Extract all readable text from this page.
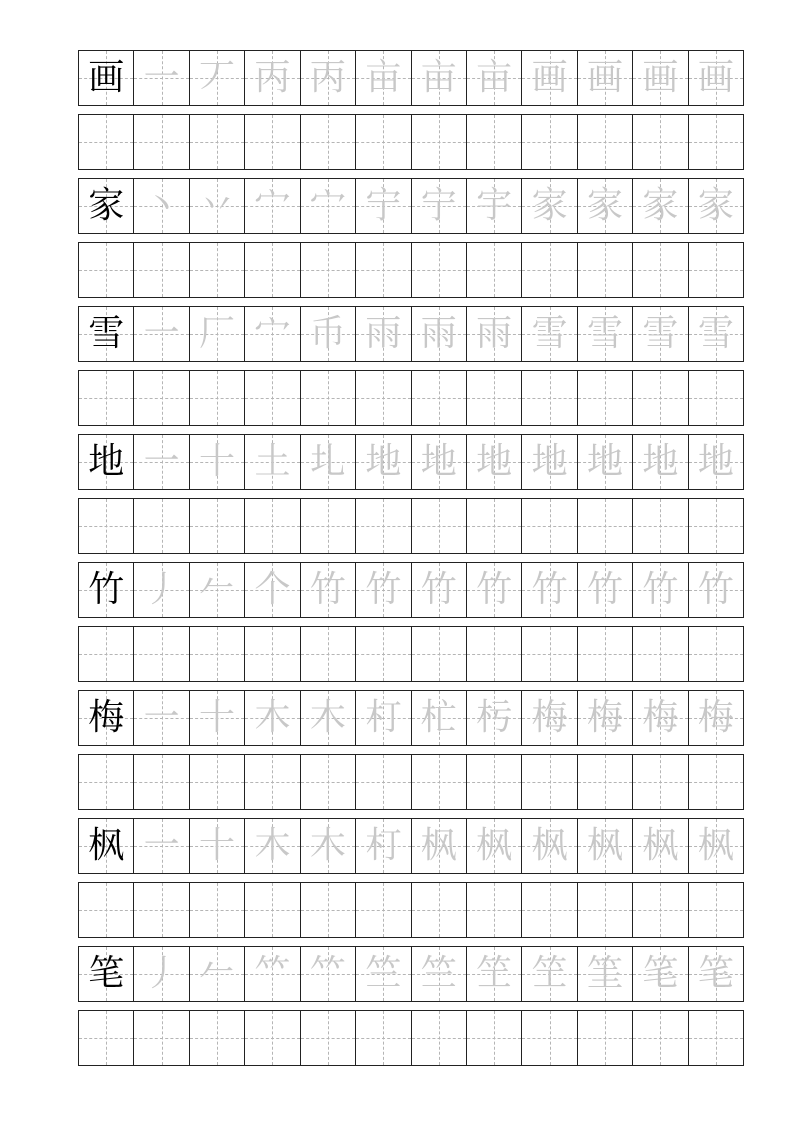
画 一 丆 丙 丙 亩 亩 亩 画 画 画 画
家 丶 丷 宀 宀 宁 宁 宇 家 家 家 家
雪 一 厂 宀 币 雨 雨 雨 雪 雪 雪 雪
地 一 十 土 圠 地 地 地 地 地 地 地
竹 丿 𠂉 个 竹 竹 竹 竹 竹 竹 竹 竹
梅 一 十 木 木 朾 杧 杇 梅 梅 梅 梅
枫 一 十 木 木 朾 枫 枫 枫 枫 枫 枫
笔 丿 𠂉 𥫗 𥫗 竺 竺 笁 笁 筀 笔 笔
